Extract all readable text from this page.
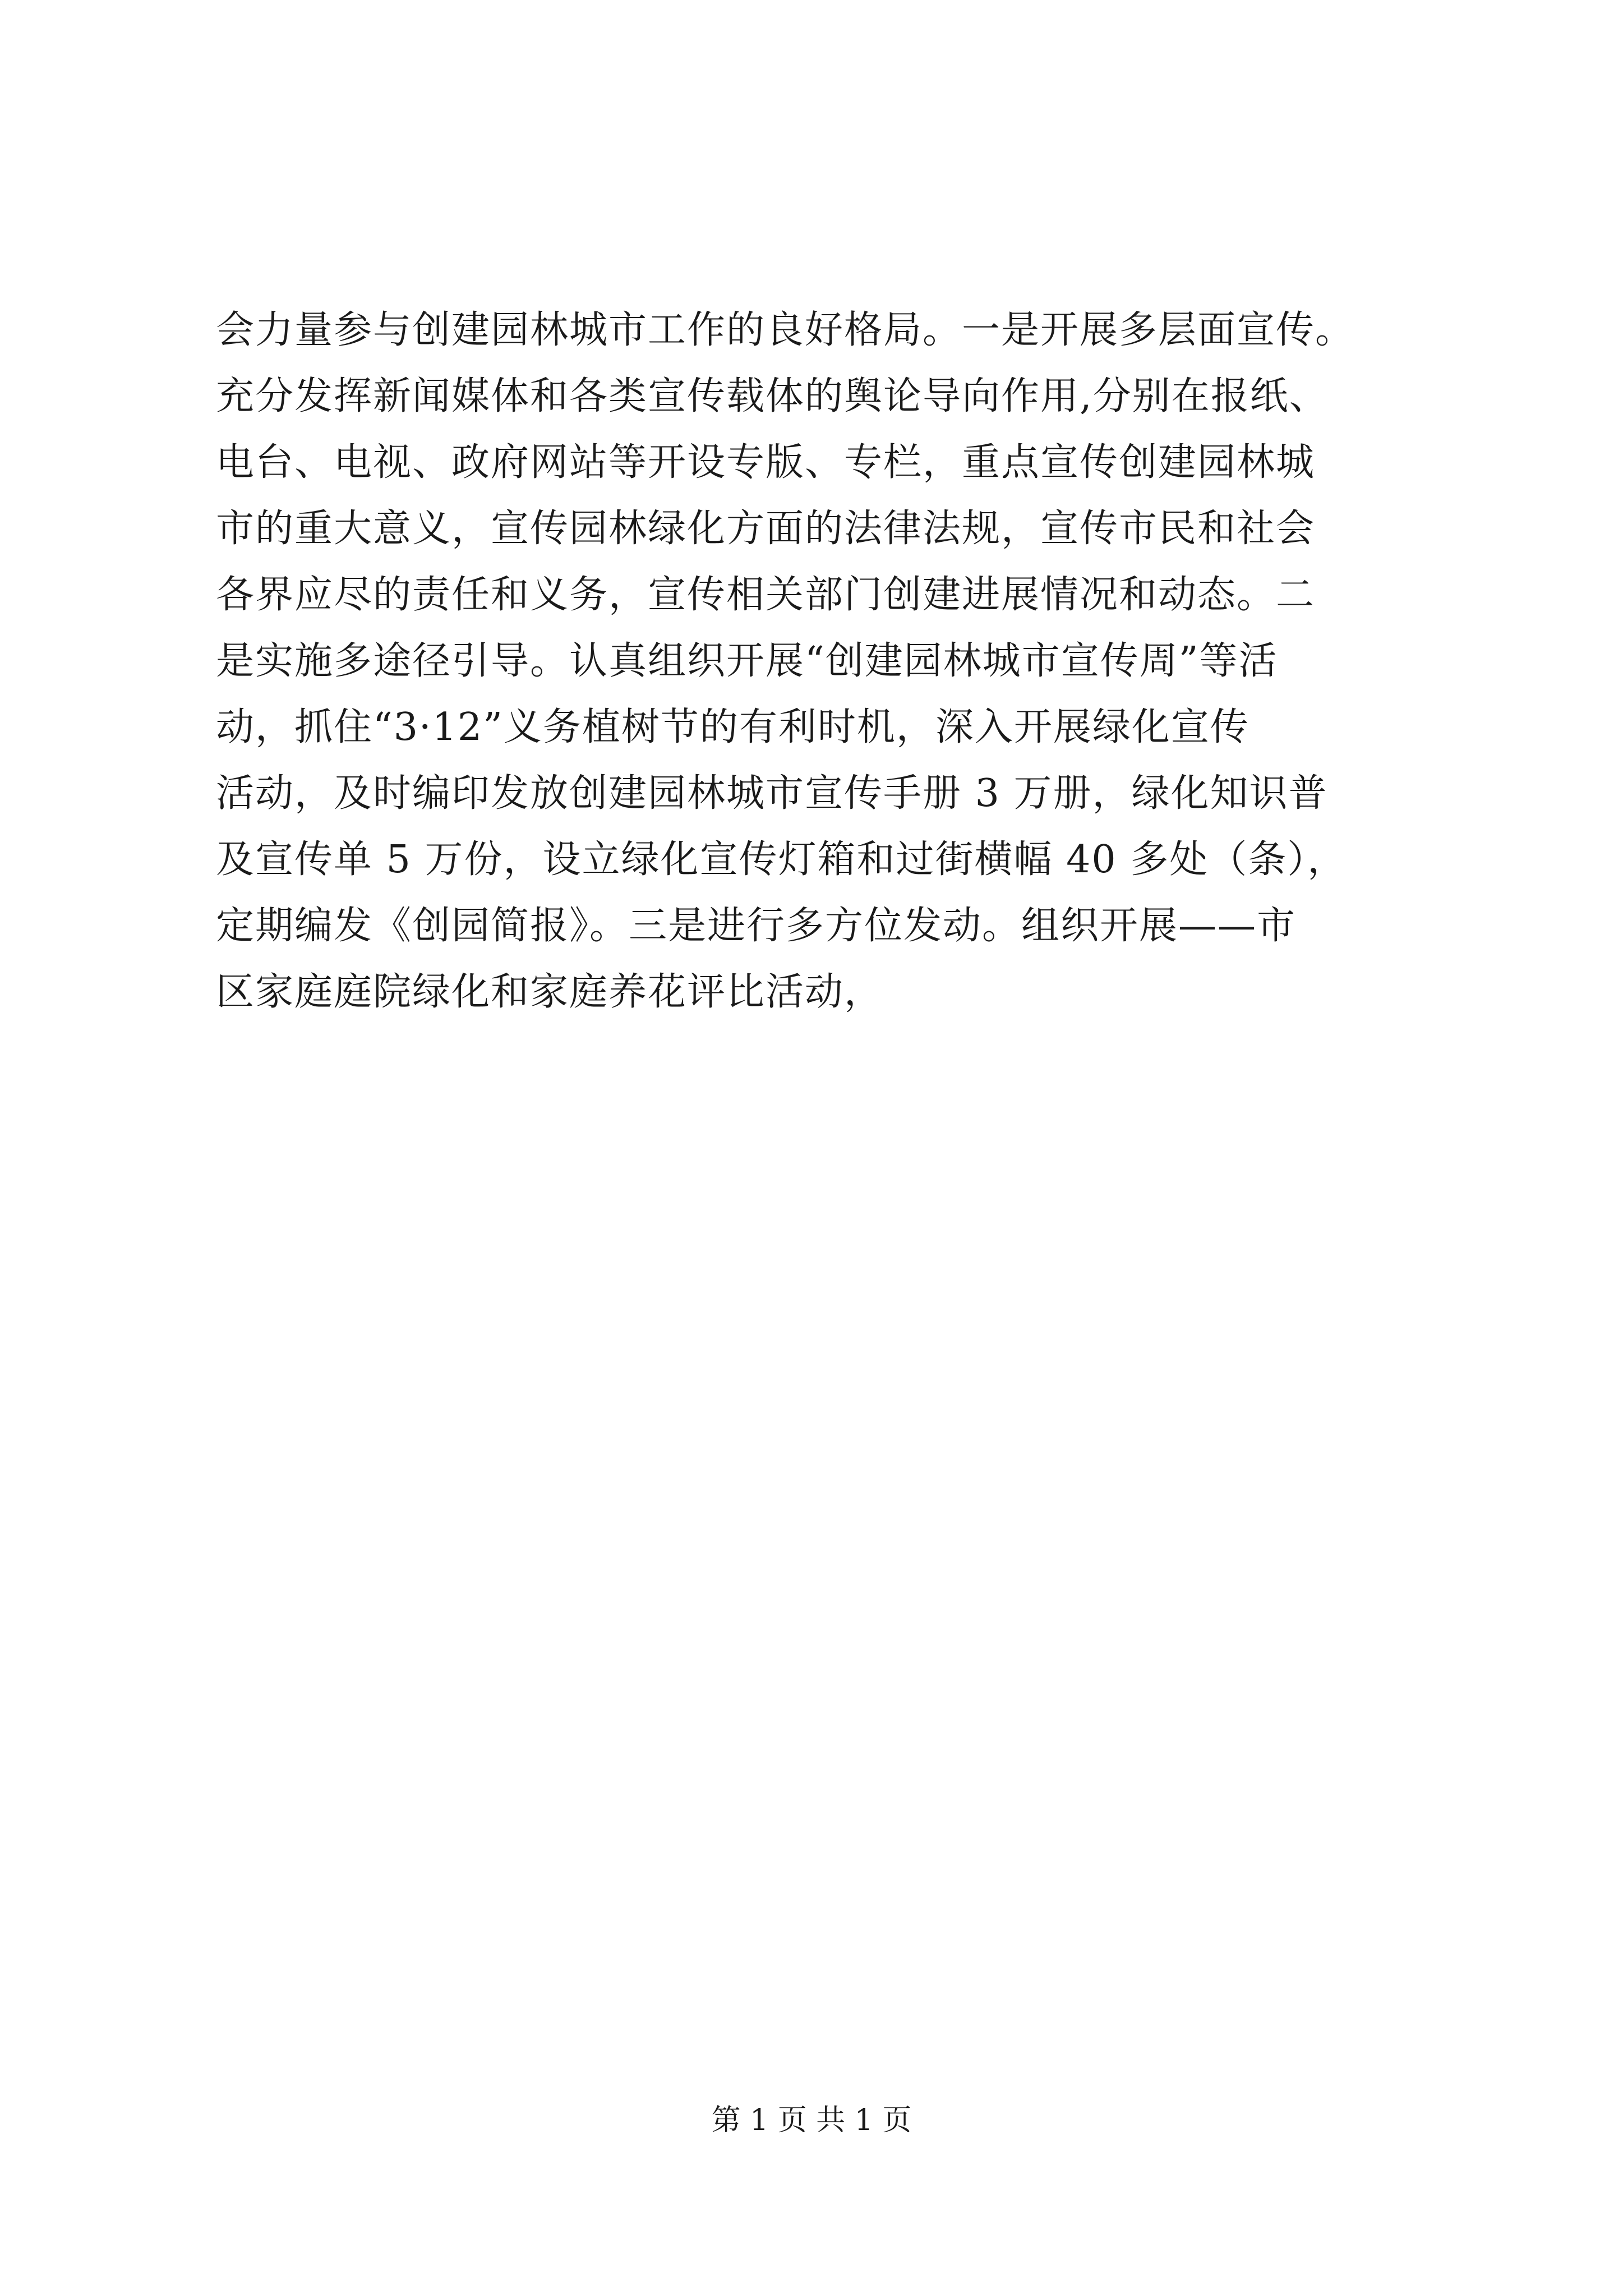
会力量参与创建园林城市工作的良好格局。一是开展多层面宣传。
充分发挥新闻媒体和各类宣传载体的舆论导向作用,分别在报纸、
电台、电视、政府网站等开设专版、专栏，重点宣传创建园林城
市的重大意义，宣传园林绿化方面的法律法规，宣传市民和社会
各界应尽的责任和义务，宣传相关部门创建进展情况和动态。二
是实施多途径引导。认真组织开展“创建园林城市宣传周”等活
动，抓住“3·12”义务植树节的有利时机，深入开展绿化宣传
活动，及时编印发放创建园林城市宣传手册 3 万册，绿化知识普
及宣传单 5 万份，设立绿化宣传灯箱和过街横幅 40 多处（条），
定期编发《创园简报》。三是进行多方位发动。组织开展——市
区家庭庭院绿化和家庭养花评比活动，
第 1 页 共 1 页
